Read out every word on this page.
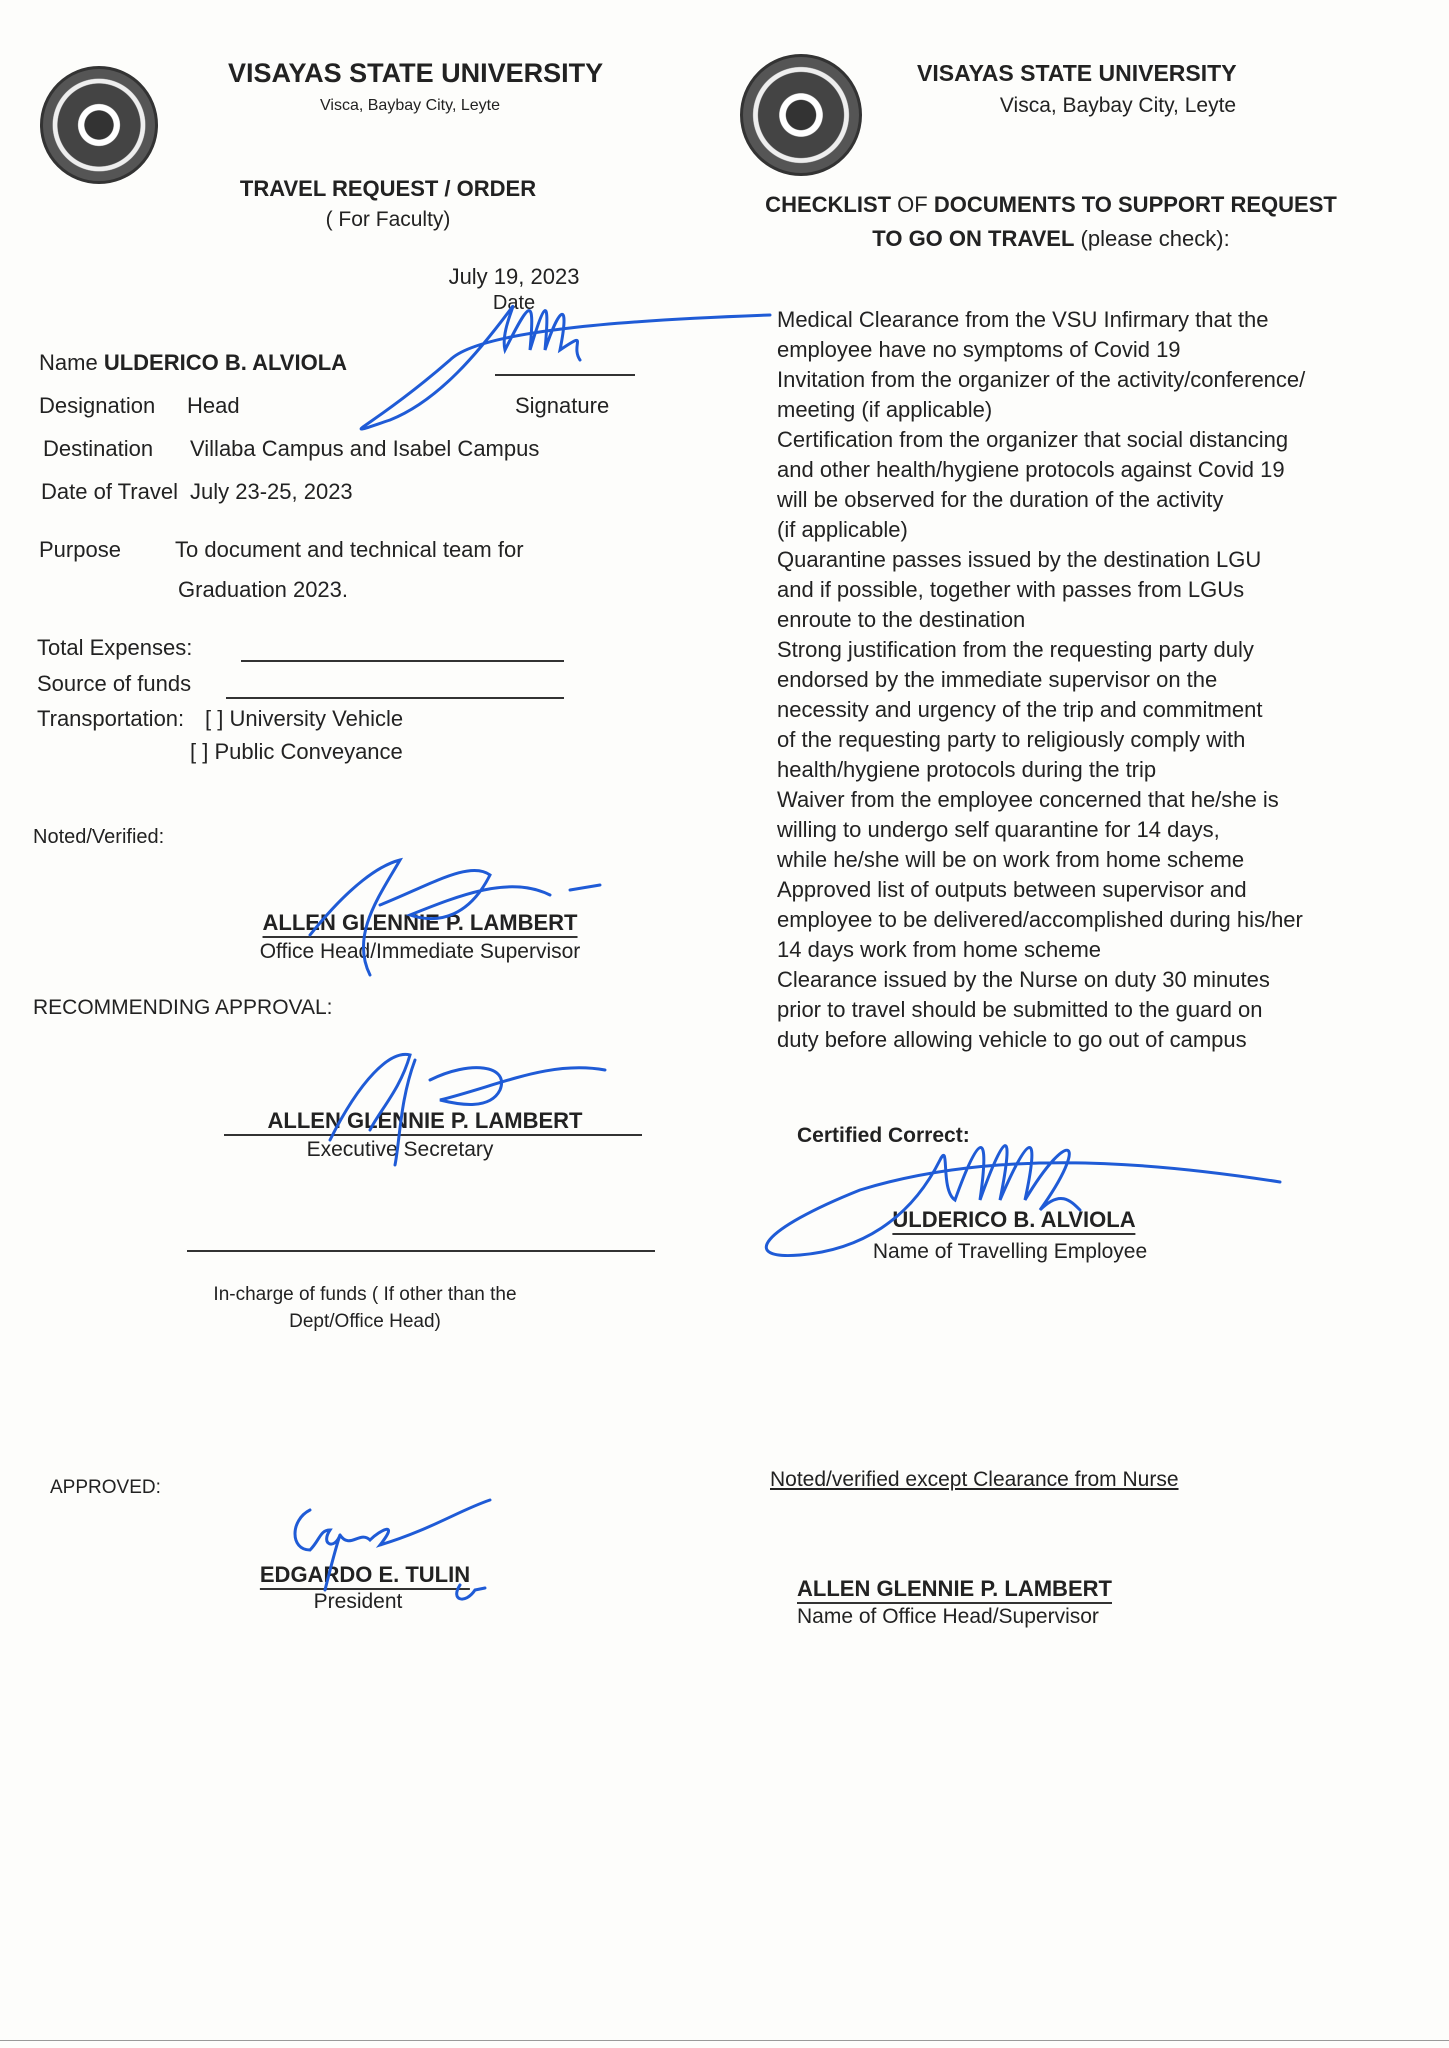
VISAYAS STATE UNIVERSITY
Visca, Baybay City, Leyte
VISAYAS STATE UNIVERSITY
Visca, Baybay City, Leyte
TRAVEL REQUEST / ORDER
( For Faculty)
July 19, 2023
Date
Name ULDERICO B. ALVIOLA
Designation Head	Signature
Destination Villaba Campus and Isabel Campus
Date of Travel July 23-25, 2023
Purpose To document and technical team for
Graduation 2023.
Total Expenses:
Source of funds
Transportation: [ ] University Vehicle
[ ] Public Conveyance
Noted/Verified:
ALLEN GLENNIE P. LAMBERT
Office Head/Immediate Supervisor
RECOMMENDING APPROVAL:
ALLEN GLENNIE P. LAMBERT
Executive Secretary
In-charge of funds ( If other than the
Dept/Office Head)
APPROVED:
EDGARDO E. TULIN
President
CHECKLIST OF DOCUMENTS TO SUPPORT REQUEST
TO GO ON TRAVEL (please check):
Medical Clearance from the VSU Infirmary that the
employee have no symptoms of Covid 19
Invitation from the organizer of the activity/conference/
meeting (if applicable)
Certification from the organizer that social distancing
and other health/hygiene protocols against Covid 19
will be observed for the duration of the activity
(if applicable)
Quarantine passes issued by the destination LGU
and if possible, together with passes from LGUs
enroute to the destination
Strong justification from the requesting party duly
endorsed by the immediate supervisor on the
necessity and urgency of the trip and commitment
of the requesting party to religiously comply with
health/hygiene protocols during the trip
Waiver from the employee concerned that he/she is
willing to undergo self quarantine for 14 days,
while he/she will be on work from home scheme
Approved list of outputs between supervisor and
employee to be delivered/accomplished during his/her
14 days work from home scheme
Clearance issued by the Nurse on duty 30 minutes
prior to travel should be submitted to the guard on
duty before allowing vehicle to go out of campus
Certified Correct:
ULDERICO B. ALVIOLA
Name of Travelling Employee
Noted/verified except Clearance from Nurse
ALLEN GLENNIE P. LAMBERT
Name of Office Head/Supervisor
